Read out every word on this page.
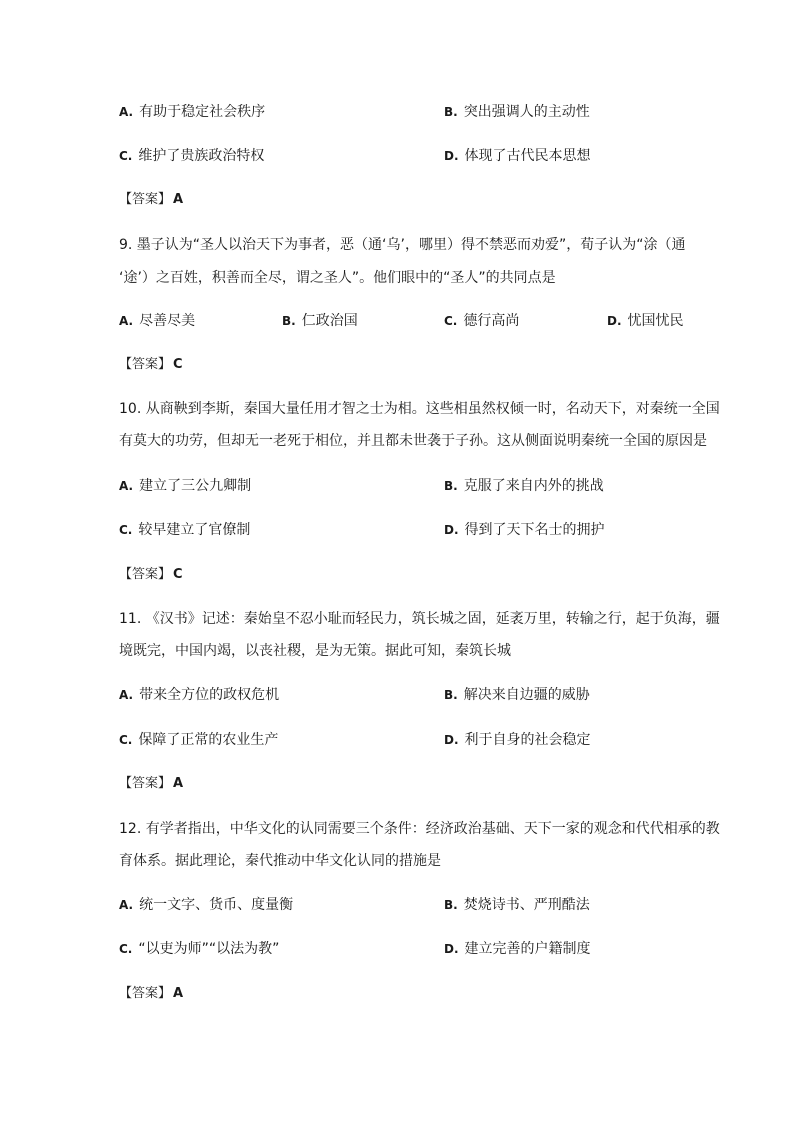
A. 有助于稳定社会秩序	B. 突出强调人的主动性
C. 维护了贵族政治特权	D. 体现了古代民本思想
【答案】 A
9. 墨子认为“圣人以治天下为事者，恶（通‘乌’，哪里）得不禁恶而劝爱”，荀子认为“涂（通
‘途’）之百姓，积善而全尽，谓之圣人”。他们眼中的“圣人”的共同点是
A. 尽善尽美	B. 仁政治国	C. 德行高尚	D. 忧国忧民
【答案】 C
10. 从商鞅到李斯，秦国大量任用才智之士为相。这些相虽然权倾一时，名动天下，对秦统一全国
有莫大的功劳，但却无一老死于相位，并且都未世袭于子孙。这从侧面说明秦统一全国的原因是
A. 建立了三公九卿制	B. 克服了来自内外的挑战
C. 较早建立了官僚制	D. 得到了天下名士的拥护
【答案】 C
11. 《汉书》记述：秦始皇不忍小耻而轻民力，筑长城之固，延袤万里，转输之行，起于负海，疆
境既完，中国内竭，以丧社稷，是为无策。据此可知，秦筑长城
A. 带来全方位的政权危机	B. 解决来自边疆的威胁
C. 保障了正常的农业生产	D. 利于自身的社会稳定
【答案】 A
12. 有学者指出，中华文化的认同需要三个条件：经济政治基础、天下一家的观念和代代相承的教
育体系。据此理论，秦代推动中华文化认同的措施是
A. 统一文字、货币、度量衡	B. 焚烧诗书、严刑酷法
C. “以吏为师”“以法为教”	D. 建立完善的户籍制度
【答案】 A
